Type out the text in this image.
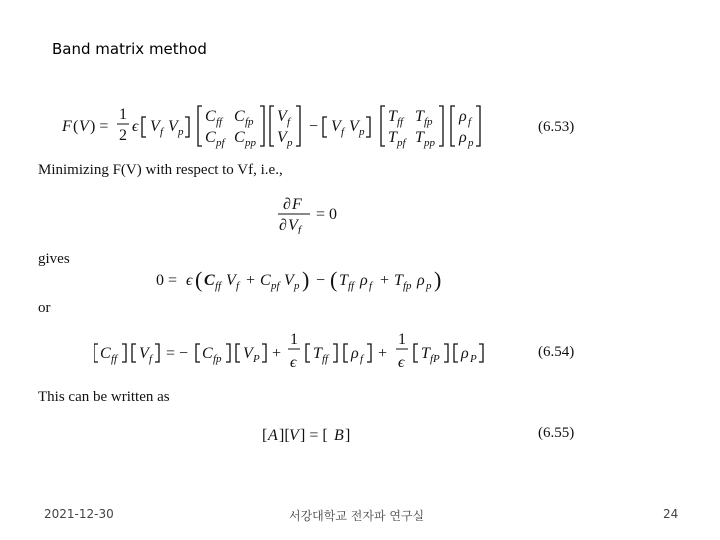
Band matrix method
F ( V ) =
1
2
ϵ V f V p
C ff C fp
C pf C pp
V f
V p
− V f V p
T ff T fp
T pf T pp
ρ f
ρ p
(6.53)
Minimizing F(V) with respect to Vf, i.e.,
∂ F
∂ V f
= 0
gives
0 = ϵ ( C ff V f + C pf V p ) − ( T ff ρ f + T fp ρ p )
or
C ff V f = − C fp V P +
1
ϵ
T ff ρ f +
1
ϵ
T fP ρ P	(6.54)
This can be written as
[ A ][ V ] = [ B ]	(6.55)
2021-12-30	서강대학교 전자파 연구실	24
